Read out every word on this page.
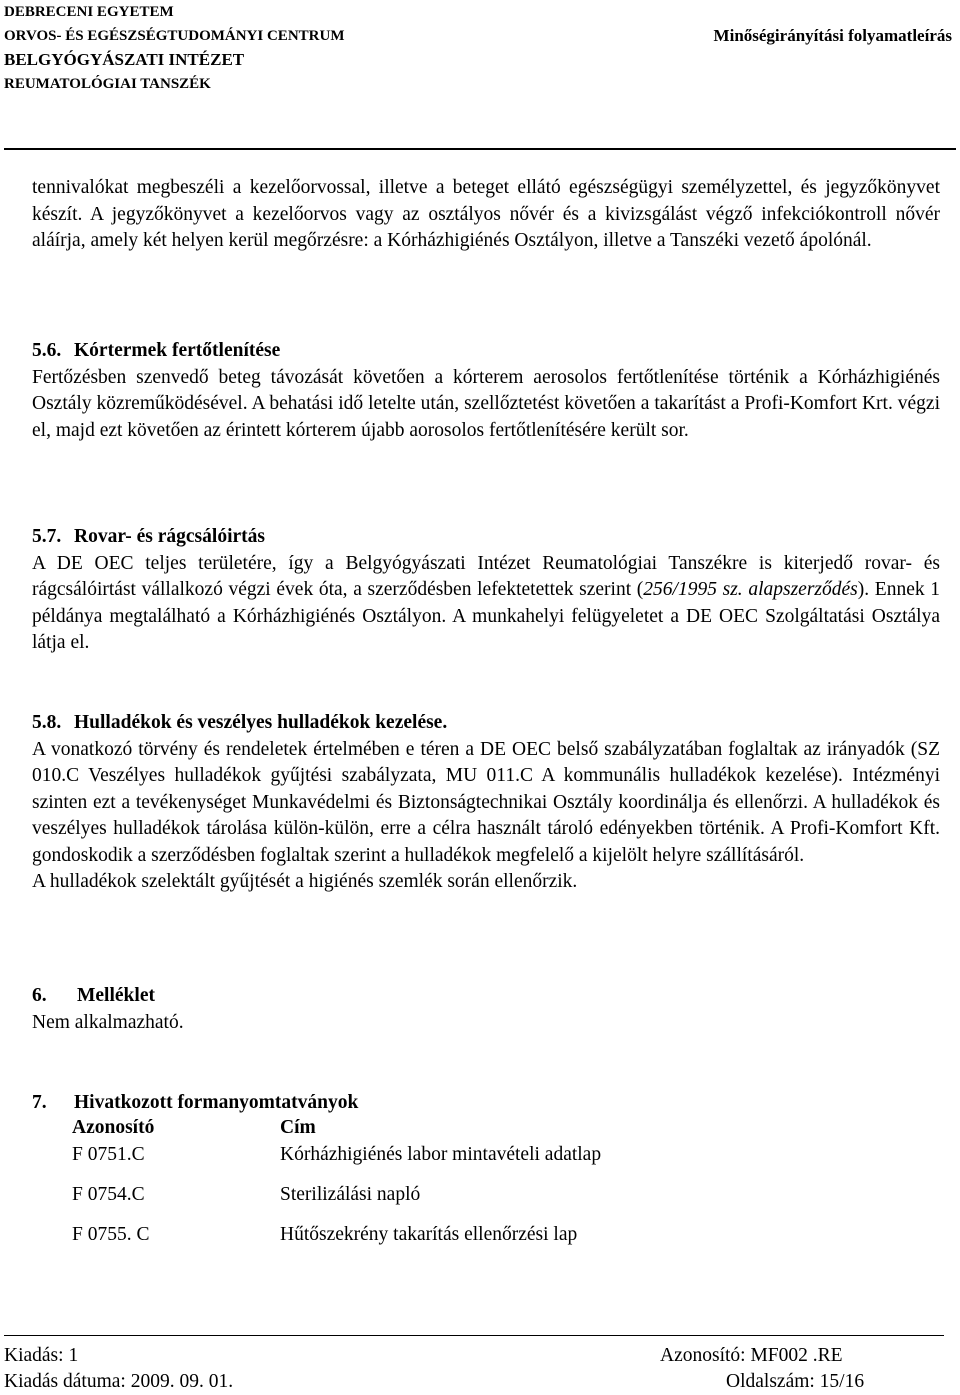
DEBRECENI EGYETEM
ORVOS- ÉS EGÉSZSÉGTUDOMÁNYI CENTRUM
BELGYÓGYÁSZATI INTÉZET
REUMATOLÓGIAI TANSZÉK
Minőségirányítási folyamatleírás

tennivalókat megbeszéli a kezelőorvossal, illetve a beteget ellátó egészségügyi személyzettel, és jegyzőkönyvet készít. A jegyzőkönyvet a kezelőorvos vagy az osztályos nővér és a kivizsgálást végző infekciókontroll nővér aláírja, amely két helyen kerül megőrzésre: a Kórházhigiénés Osztályon, illetve a Tanszéki vezető ápolónál.

5.6. Kórtermek fertőtlenítése

Fertőzésben szenvedő beteg távozását követően a kórterem aerosolos fertőtlenítése történik a Kórházhigiénés Osztály közreműködésével. A behatási idő letelte után, szellőztetést követően a takarítást a Profi-Komfort Krt. végzi el, majd ezt követően az érintett kórterem újabb aorosolos fertőtlenítésére került sor.

5.7. Rovar- és rágcsálóirtás

A DE OEC teljes területére, így a Belgyógyászati Intézet Reumatológiai Tanszékre is kiterjedő rovar- és rágcsálóirtást vállalkozó végzi évek óta, a szerződésben lefektetettek szerint (256/1995 sz. alapszerződés). Ennek 1 példánya megtalálható a Kórházhigiénés Osztályon. A munkahelyi felügyeletet a DE OEC Szolgáltatási Osztálya látja el.

5.8. Hulladékok és veszélyes hulladékok kezelése.

A vonatkozó törvény és rendeletek értelmében e téren a DE OEC belső szabályzatában foglaltak az irányadók (SZ 010.C Veszélyes hulladékok gyűjtési szabályzata, MU 011.C A kommunális hulladékok kezelése). Intézményi szinten ezt a tevékenységet Munkavédelmi és Biztonságtechnikai Osztály koordinálja és ellenőrzi. A hulladékok és veszélyes hulladékok tárolása külön-külön, erre a célra használt tároló edényekben történik. A Profi-Komfort Kft. gondoskodik a szerződésben foglaltak szerint a hulladékok megfelelő a kijelölt helyre szállításáról.

A hulladékok szelektált gyűjtését a higiénés szemlék során ellenőrzik.

6. Melléklet

Nem alkalmazható.

7. Hivatkozott formanyomtatványok

Azonosító	Cím
F 0751.C	Kórházhigiénés labor mintavételi adatlap
F 0754.C	Sterilizálási napló
F 0755. C	Hűtőszekrény takarítás ellenőrzési lap
Kiadás: 1
Kiadás dátuma: 2009. 09. 01.
Azonosító: MF002 .RE
Oldalszám: 15/16
